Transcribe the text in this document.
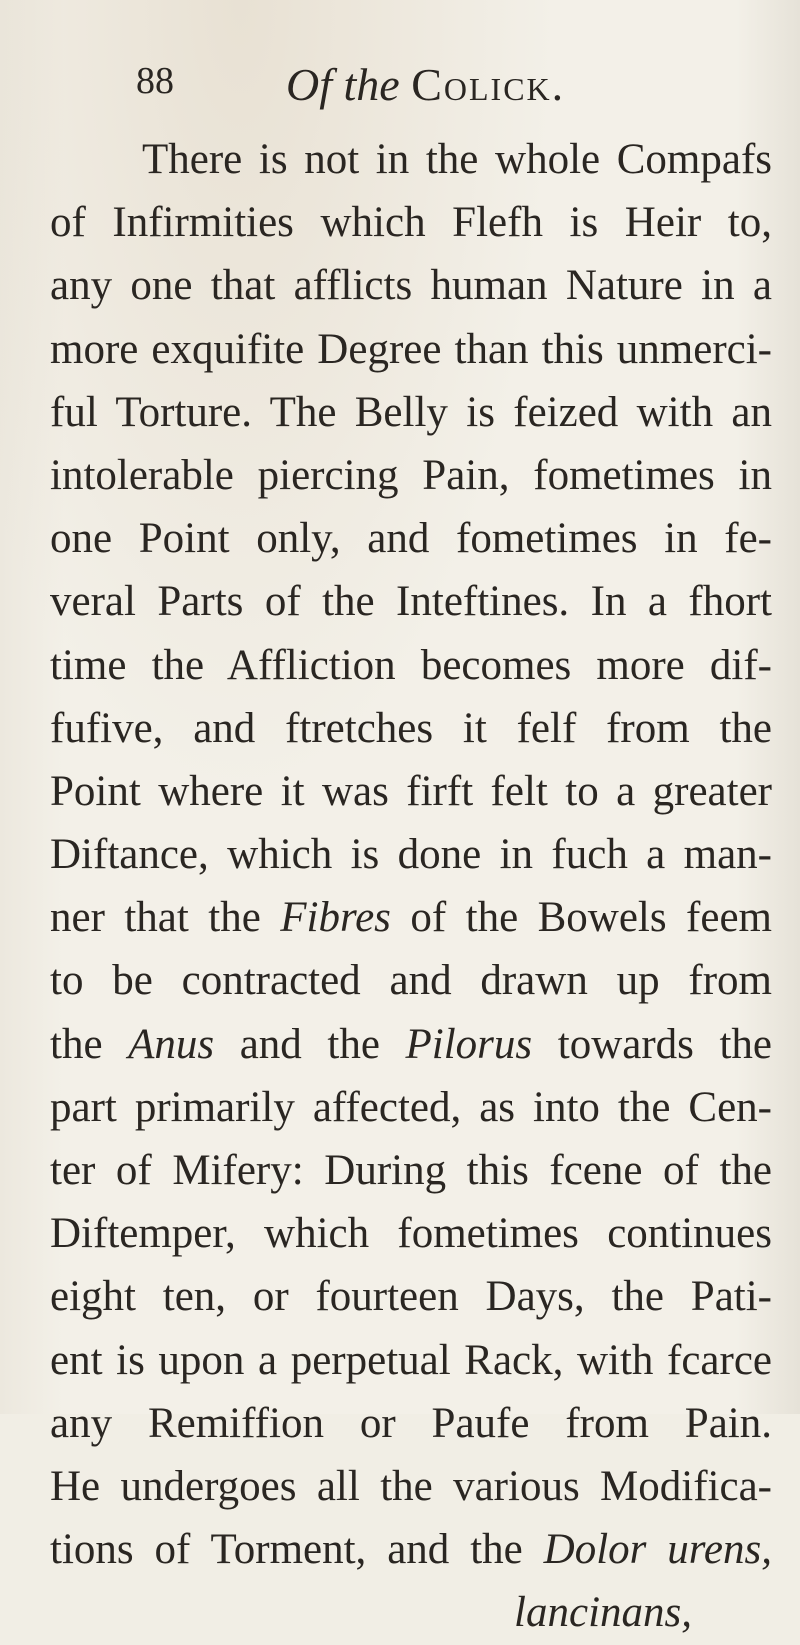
88	Of the Colick.
There is not in the whole Compafs
of Infirmities which Flefh is Heir to,
any one that afflicts human Nature in a
more exquifite Degree than this unmerci-
ful Torture. The Belly is feized with an
intolerable piercing Pain, fometimes in
one Point only, and fometimes in fe-
veral Parts of the Inteftines. In a fhort
time the Affliction becomes more dif-
fufive, and ftretches it felf from the
Point where it was firft felt to a greater
Diftance, which is done in fuch a man-
ner that the Fibres of the Bowels feem
to be contracted and drawn up from
the Anus and the Pilorus towards the
part primarily affected, as into the Cen-
ter of Mifery: During this fcene of the
Diftemper, which fometimes continues
eight ten, or fourteen Days, the Pati-
ent is upon a perpetual Rack, with fcarce
any Remiffion or Paufe from Pain.
He undergoes all the various Modifica-
tions of Torment, and the Dolor urens,
lancinans,
